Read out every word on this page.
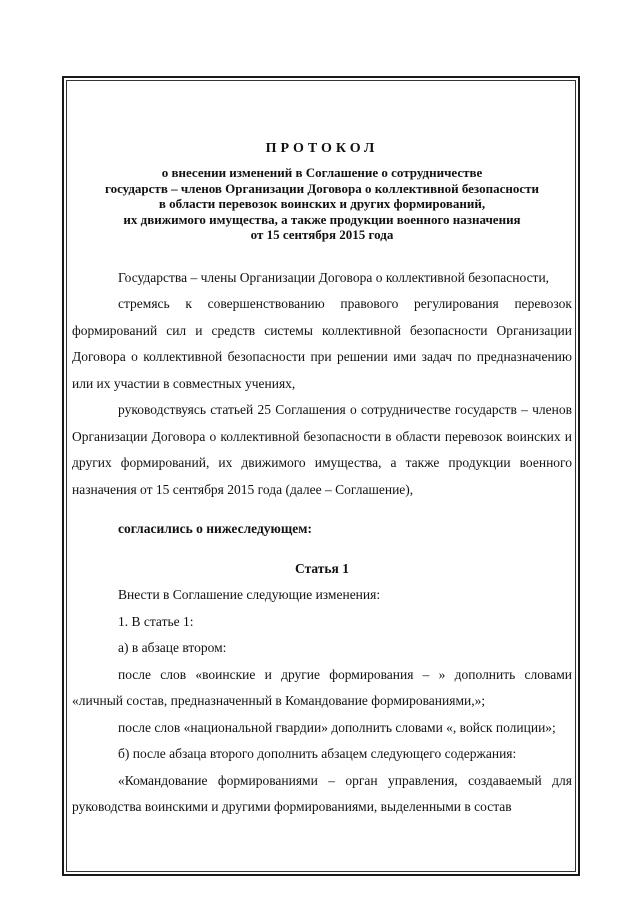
ПРОТОКОЛ

о внесении изменений в Соглашение о сотрудничестве

государств – членов Организации Договора о коллективной безопасности

в области перевозок воинских и других формирований,

их движимого имущества, а также продукции военного назначения

от 15 сентября 2015 года

Государства – члены Организации Договора о коллективной безопасности,

стремясь к совершенствованию правового регулирования перевозок формирований сил и средств системы коллективной безопасности Организации Договора о коллективной безопасности при решении ими задач по предназначению или их участии в совместных учениях,

руководствуясь статьей 25 Соглашения о сотрудничестве государств – членов Организации Договора о коллективной безопасности в области перевозок воинских и других формирований, их движимого имущества, а также продукции военного назначения от 15 сентября 2015 года (далее – Соглашение),

согласились о нижеследующем:

Статья 1

Внести в Соглашение следующие изменения:

1. В статье 1:

а) в абзаце втором:

после слов «воинские и другие формирования – » дополнить словами «личный состав, предназначенный в Командование формированиями,»;

после слов «национальной гвардии» дополнить словами «, войск полиции»;

б) после абзаца второго дополнить абзацем следующего содержания:

«Командование формированиями – орган управления, создаваемый для руководства воинскими и другими формированиями, выделенными в состав
